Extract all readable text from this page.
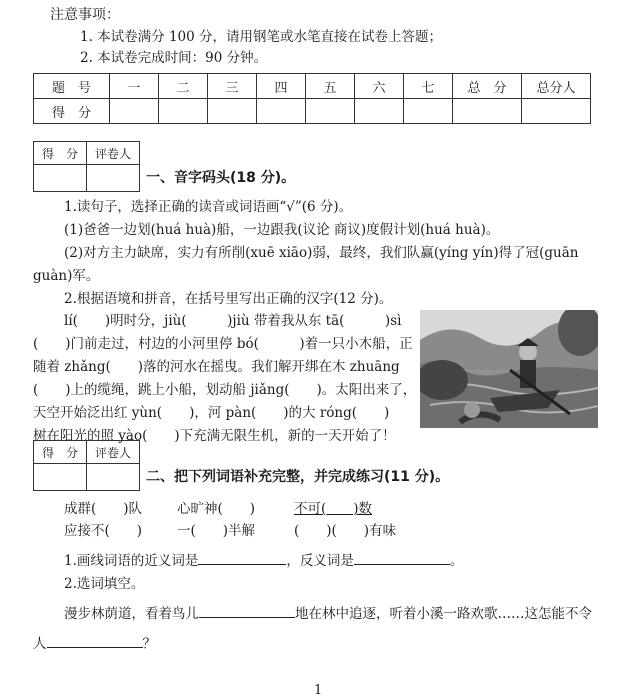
注意事项：
1. 本试卷满分 100 分，请用钢笔或水笔直接在试卷上答题；
2. 本试卷完成时间：90 分钟。
题　号	一	二	三	四	五	六	七	总　分	总分人
得　分									
得　分	评卷人

一、音字码头(18 分)。
1.读句子，选择正确的读音或词语画“√”(6 分)。
(1)爸爸一边划(huá huà)船，一边跟我(议论 商议)度假计划(huá huà)。
(2)对方主力缺席，实力有所削(xuē xiāo)弱，最终，我们队赢(yíng yín)得了冠(guān
guàn)军。
2.根据语境和拼音，在括号里写出正确的汉字(12 分)。
lí(　　)明时分，jiù(　　　)jiù 带着我从东 tā(　　　)sì
(　　)门前走过，村边的小河里停 bó(　　　)着一只小木船，正
随着 zhǎng(　　)落的河水在摇曳。我们解开绑在木 zhuāng
(　　)上的缆绳，跳上小船，划动船 jiǎng(　　)。太阳出来了，
天空开始泛出红 yùn(　　)，河 pàn(　　)的大 róng(　　)
树在阳光的照 yào(　　)下充满无限生机，新的一天开始了！
得　分	评卷人

二、把下列词语补充完整，并完成练习(11 分)。
成群(　　)队	心旷神(　　)	不可(　　)数
应接不(　　)	一(　　)半解	(　　)(　　)有味
1.画线词语的近义词是	，反义词是	。
2.选词填空。
漫步林荫道，看着鸟儿	地在林中追逐，听着小溪一路欢歌……这怎能不令
人	？
1
